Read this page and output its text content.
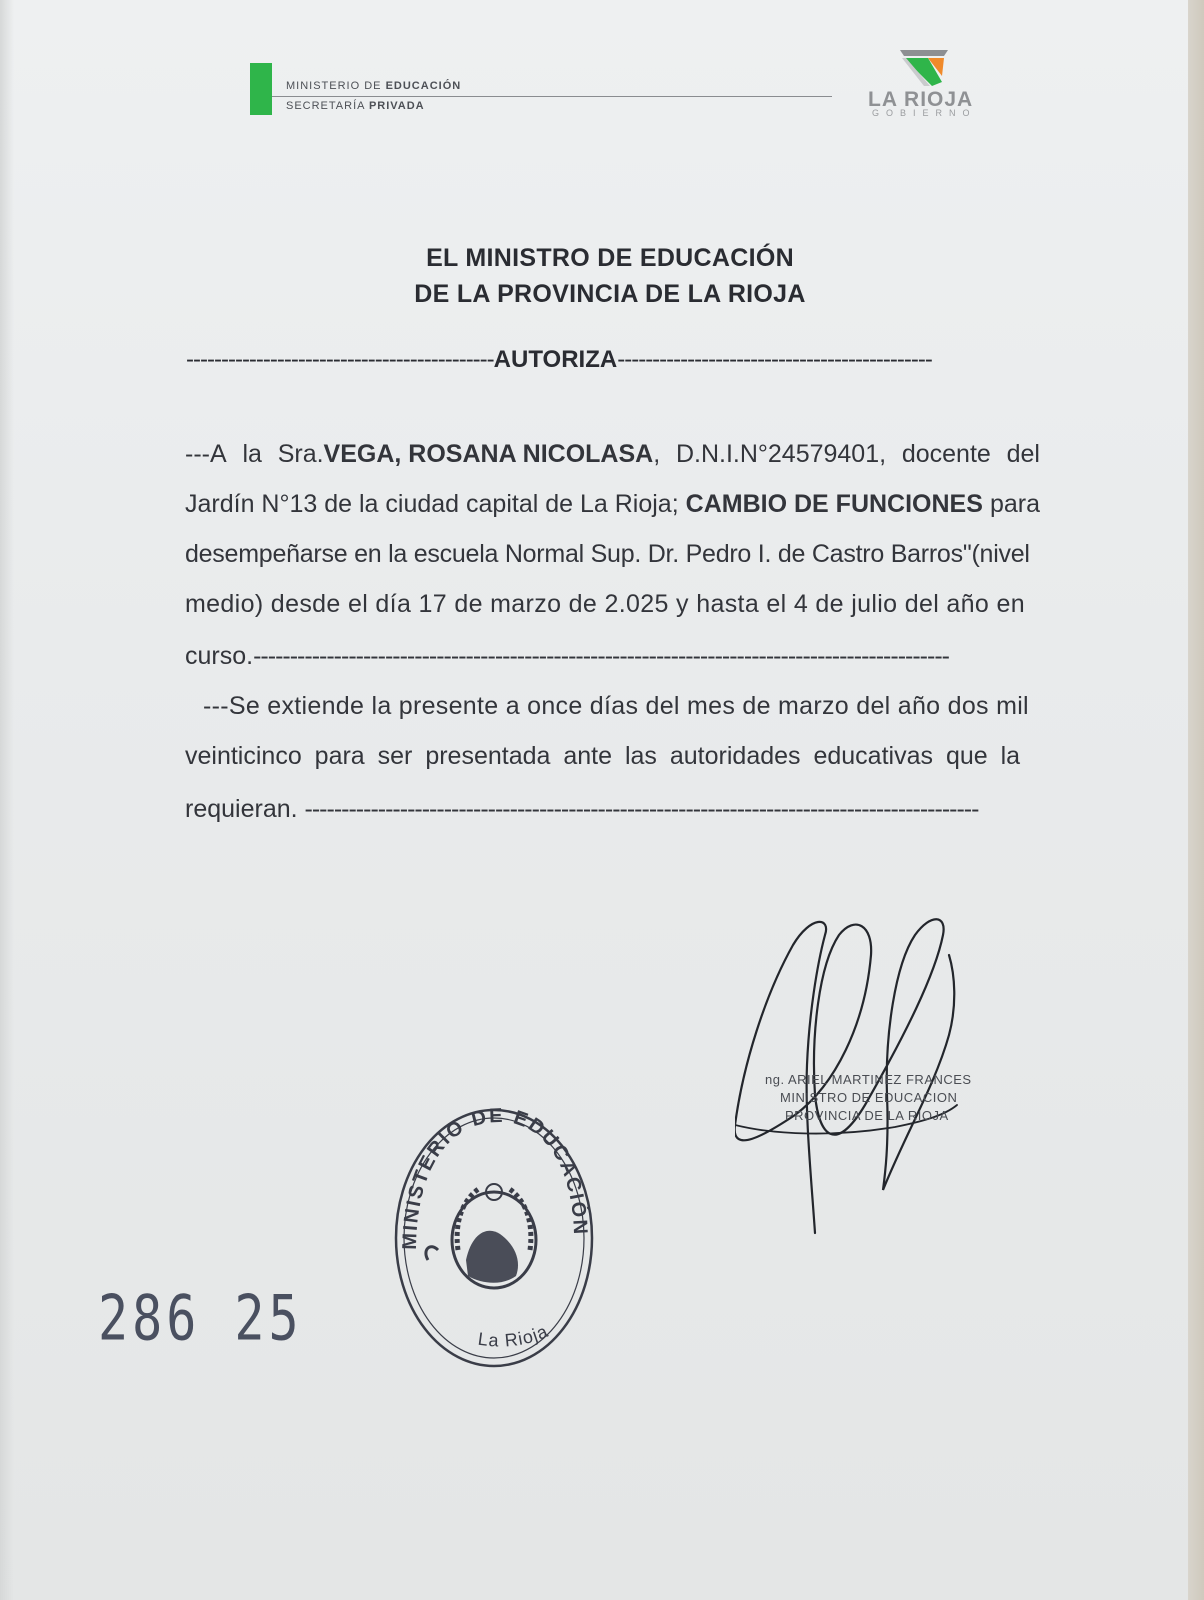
MINISTERIO DE EDUCACIÓN
SECRETARÍA PRIVADA	LA RIOJA
GOBIERNO
EL MINISTRO DE EDUCACIÓN
DE LA PROVINCIA DE LA RIOJA
--------------------------------------------AUTORIZA---------------------------------------------
---A la Sra.VEGA, ROSANA NICOLASA, D.N.I.N°24579401, docente del
Jardín N°13 de la ciudad capital de La Rioja; CAMBIO DE FUNCIONES para
desempeñarse en la escuela Normal Sup. Dr. Pedro I. de Castro Barros"(nivel
medio) desde el día 17 de marzo de 2.025 y hasta el 4 de julio del año en
curso.-----------------------------------------------------------------------------------------------
---Se extiende la presente a once días del mes de marzo del año dos mil
veinticinco para ser presentada ante las autoridades educativas que la
requieran. --------------------------------------------------------------------------------------------
ng. ARIEL MARTINEZ FRANCES
MINISTRO DE EDUCACION
PROVINCIA DE LA RIOJA
MINISTERIO DE EDUCACIÓN
La Rioja
286 25
